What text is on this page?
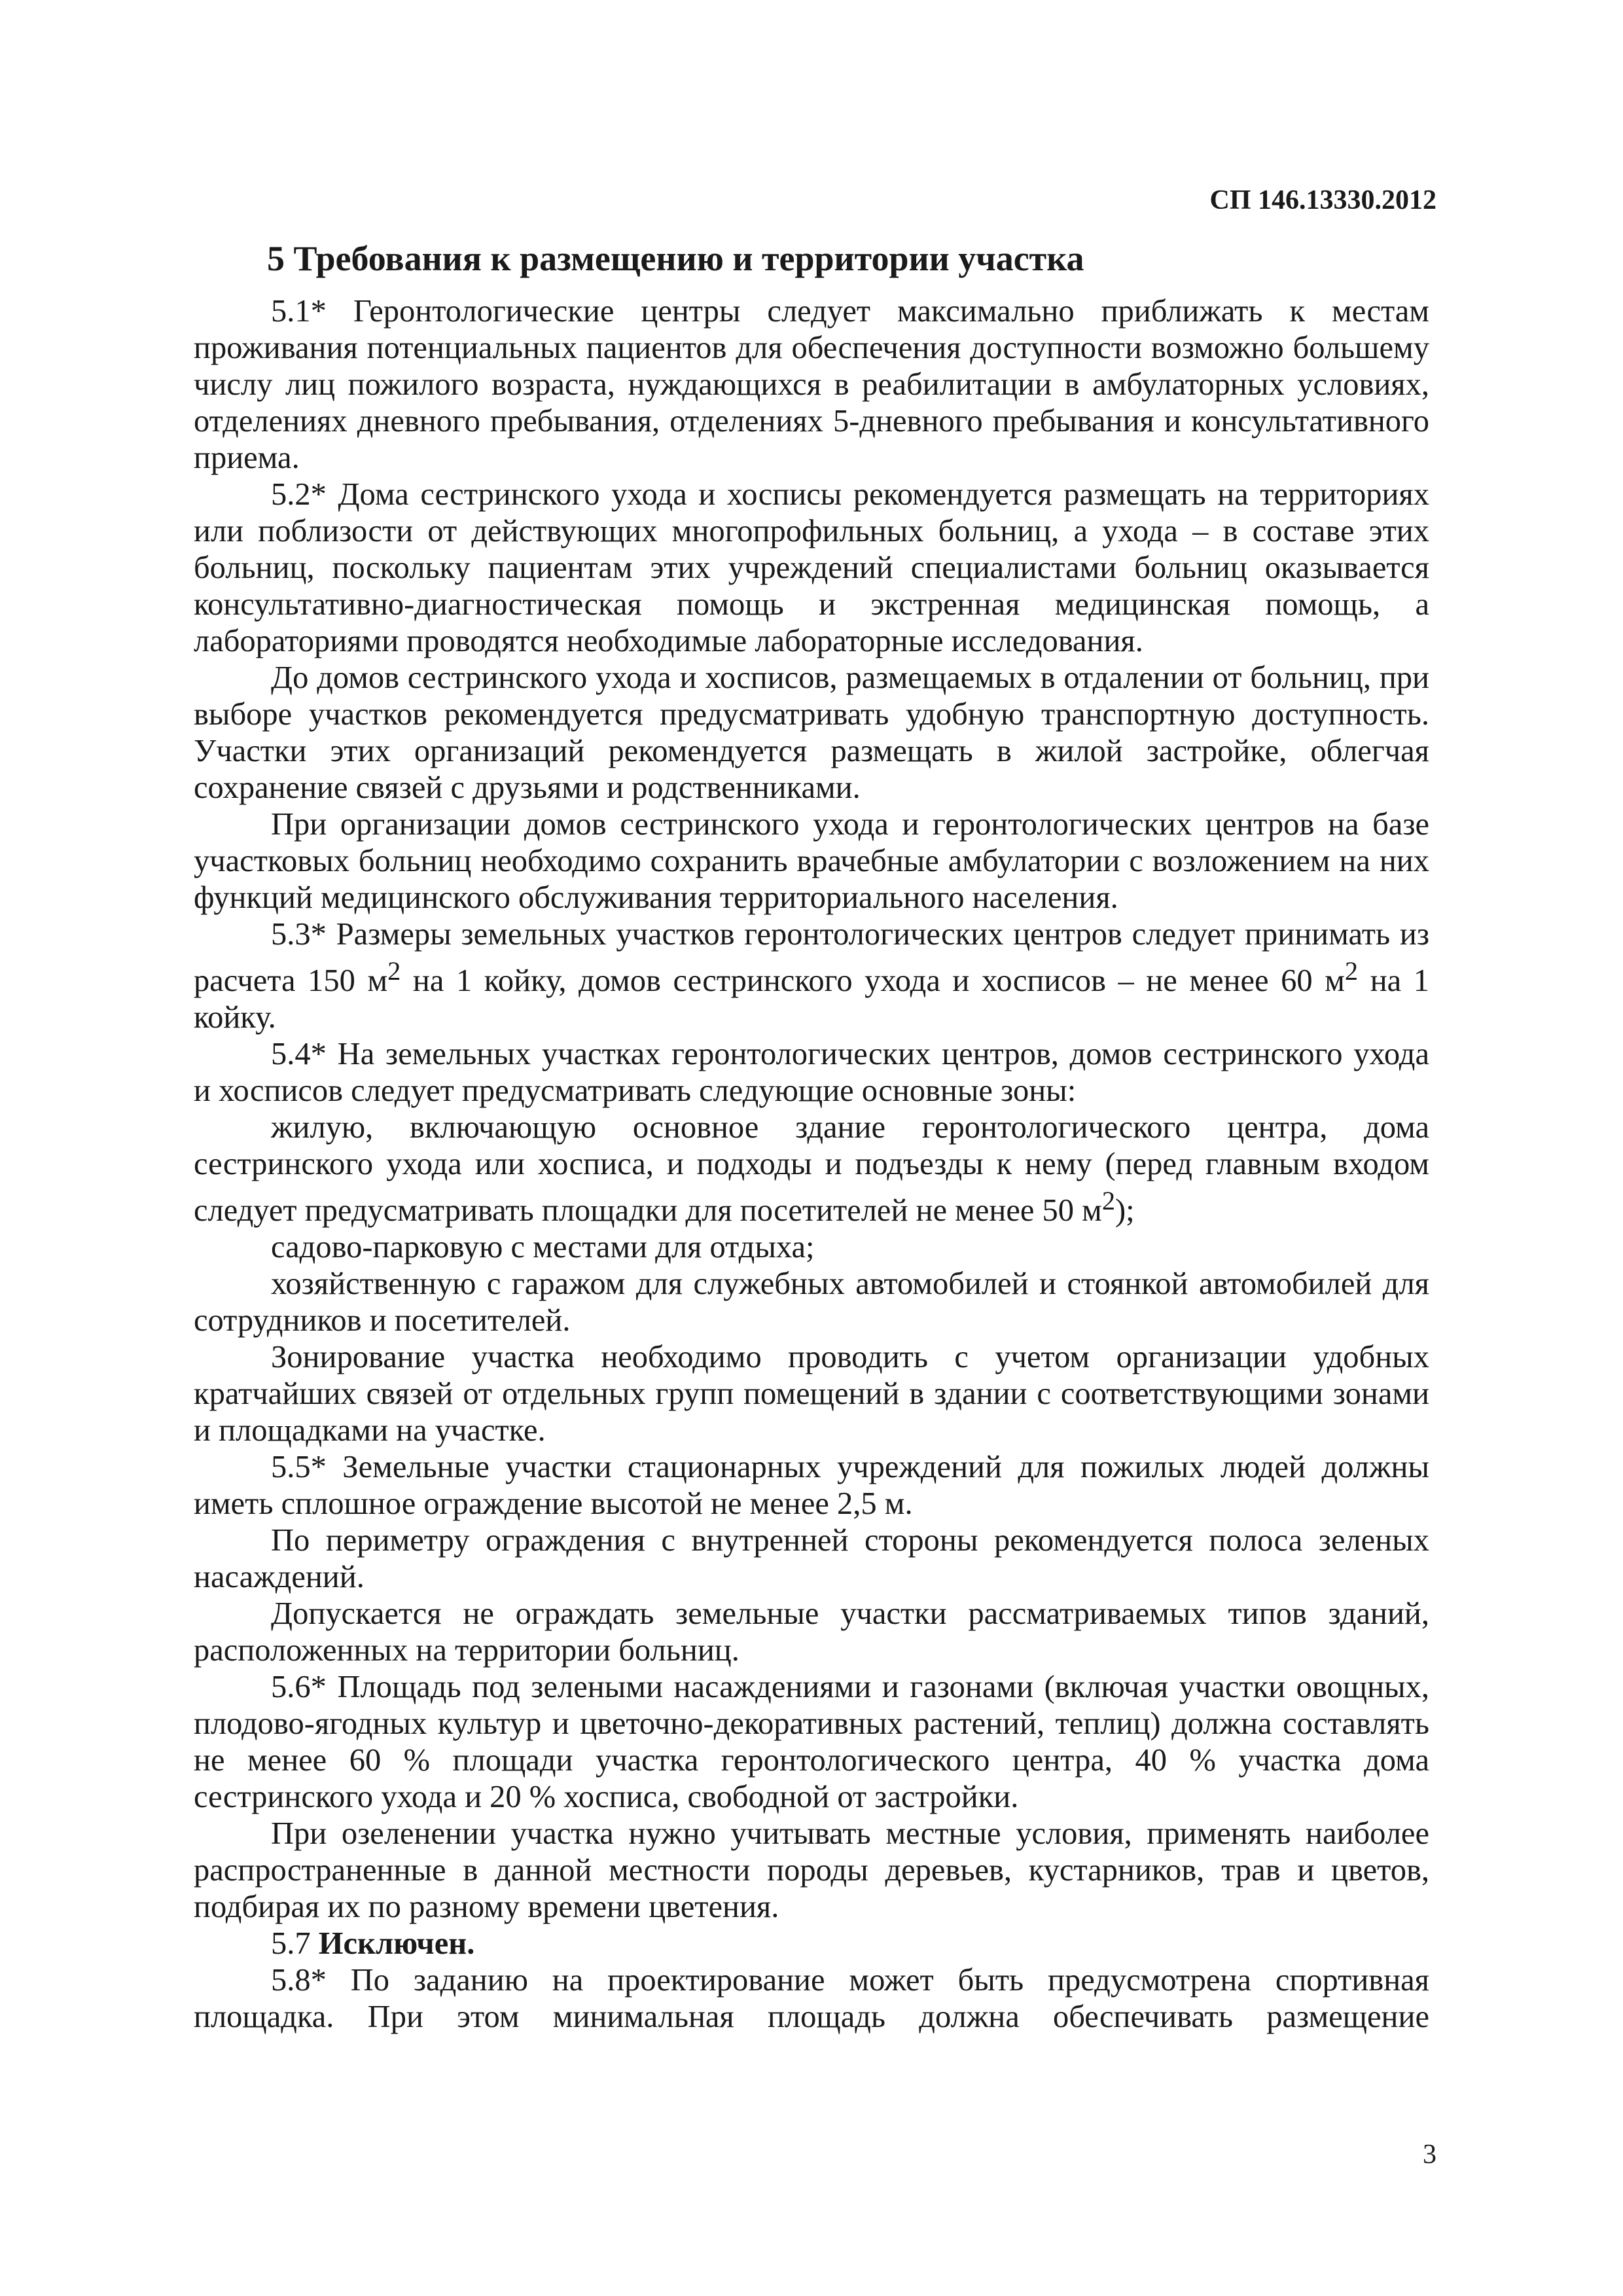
СП 146.13330.2012
5 Требования к размещению и территории участка

5.1* Геронтологические центры следует максимально приближать к местам проживания потенциальных пациентов для обеспечения доступности возможно большему числу лиц пожилого возраста, нуждающихся в реабилитации в амбулаторных условиях, отделениях дневного пребывания, отделениях 5-дневного пребывания и консультативного приема.

5.2* Дома сестринского ухода и хосписы рекомендуется размещать на территориях или поблизости от действующих многопрофильных больниц, а ухода – в составе этих больниц, поскольку пациентам этих учреждений специалистами больниц оказывается консультативно-диагностическая помощь и экстренная медицинская помощь, а лабораториями проводятся необходимые лабораторные исследования.

До домов сестринского ухода и хосписов, размещаемых в отдалении от больниц, при выборе участков рекомендуется предусматривать удобную транспортную доступность. Участки этих организаций рекомендуется размещать в жилой застройке, облегчая сохранение связей с друзьями и родственниками.

При организации домов сестринского ухода и геронтологических центров на базе участковых больниц необходимо сохранить врачебные амбулатории с возложением на них функций медицинского обслуживания территориального населения.

5.3* Размеры земельных участков геронтологических центров следует принимать из расчета 150 $м^2$ на 1 койку, домов сестринского ухода и хосписов – не менее 60 $м^2$ на 1 койку.

5.4* На земельных участках геронтологических центров, домов сестринского ухода и хосписов следует предусматривать следующие основные зоны:

жилую, включающую основное здание геронтологического центра, дома сестринского ухода или хосписа, и подходы и подъезды к нему (перед главным входом следует предусматривать площадки для посетителей не менее 50 $м^2$);

садово-парковую с местами для отдыха;

хозяйственную с гаражом для служебных автомобилей и стоянкой автомобилей для сотрудников и посетителей.

Зонирование участка необходимо проводить с учетом организации удобных кратчайших связей от отдельных групп помещений в здании с соответствующими зонами и площадками на участке.

5.5* Земельные участки стационарных учреждений для пожилых людей должны иметь сплошное ограждение высотой не менее 2,5 м.

По периметру ограждения с внутренней стороны рекомендуется полоса зеленых насаждений.

Допускается не ограждать земельные участки рассматриваемых типов зданий, расположенных на территории больниц.

5.6* Площадь под зелеными насаждениями и газонами (включая участки овощных, плодово-ягодных культур и цветочно-декоративных растений, теплиц) должна составлять не менее 60 % площади участка геронтологического центра, 40 % участка дома сестринского ухода и 20 % хосписа, свободной от застройки.

При озеленении участка нужно учитывать местные условия, применять наиболее распространенные в данной местности породы деревьев, кустарников, трав и цветов, подбирая их по разному времени цветения.

5.7 Исключен.

5.8* По заданию на проектирование может быть предусмотрена спортивная площадка. При этом минимальная площадь должна обеспечивать размещение

3
